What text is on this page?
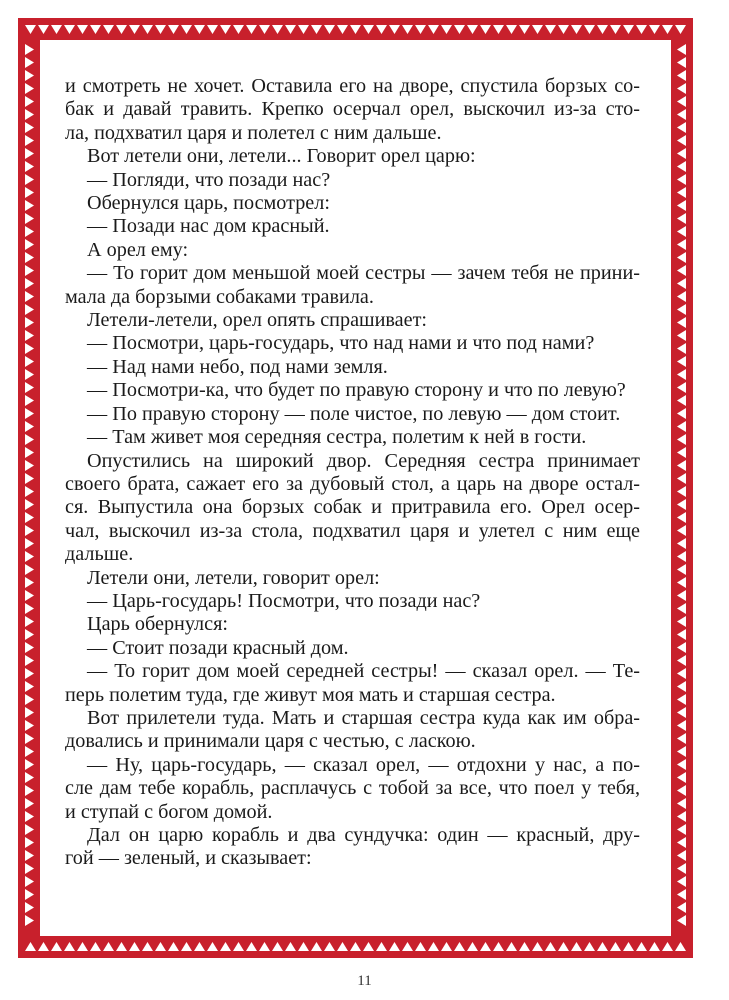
и смотреть не хочет. Оставила его на дворе, спустила борзых со-
бак и давай травить. Крепко осерчал орел, выскочил из-за сто-
ла, подхватил царя и полетел с ним дальше.
Вот летели они, летели... Говорит орел царю:
— Погляди, что позади нас?
Обернулся царь, посмотрел:
— Позади нас дом красный.
А орел ему:
— То горит дом меньшой моей сестры — зачем тебя не прини-
мала да борзыми собаками травила.
Летели-летели, орел опять спрашивает:
— Посмотри, царь-государь, что над нами и что под нами?
— Над нами небо, под нами земля.
— Посмотри-ка, что будет по правую сторону и что по левую?
— По правую сторону — поле чистое, по левую — дом стоит.
— Там живет моя середняя сестра, полетим к ней в гости.
Опустились на широкий двор. Середняя сестра принимает
своего брата, сажает его за дубовый стол, а царь на дворе остал-
ся. Выпустила она борзых собак и притравила его. Орел осер-
чал, выскочил из-за стола, подхватил царя и улетел с ним еще
дальше.
Летели они, летели, говорит орел:
— Царь-государь! Посмотри, что позади нас?
Царь обернулся:
— Стоит позади красный дом.
— То горит дом моей середней сестры! — сказал орел. — Те-
перь полетим туда, где живут моя мать и старшая сестра.
Вот прилетели туда. Мать и старшая сестра куда как им обра-
довались и принимали царя с честью, с ласкою.
— Ну, царь-государь, — сказал орел, — отдохни у нас, а по-
сле дам тебе корабль, расплачусь с тобой за все, что поел у тебя,
и ступай с богом домой.
Дал он царю корабль и два сундучка: один — красный, дру-
гой — зеленый, и сказывает:
11
